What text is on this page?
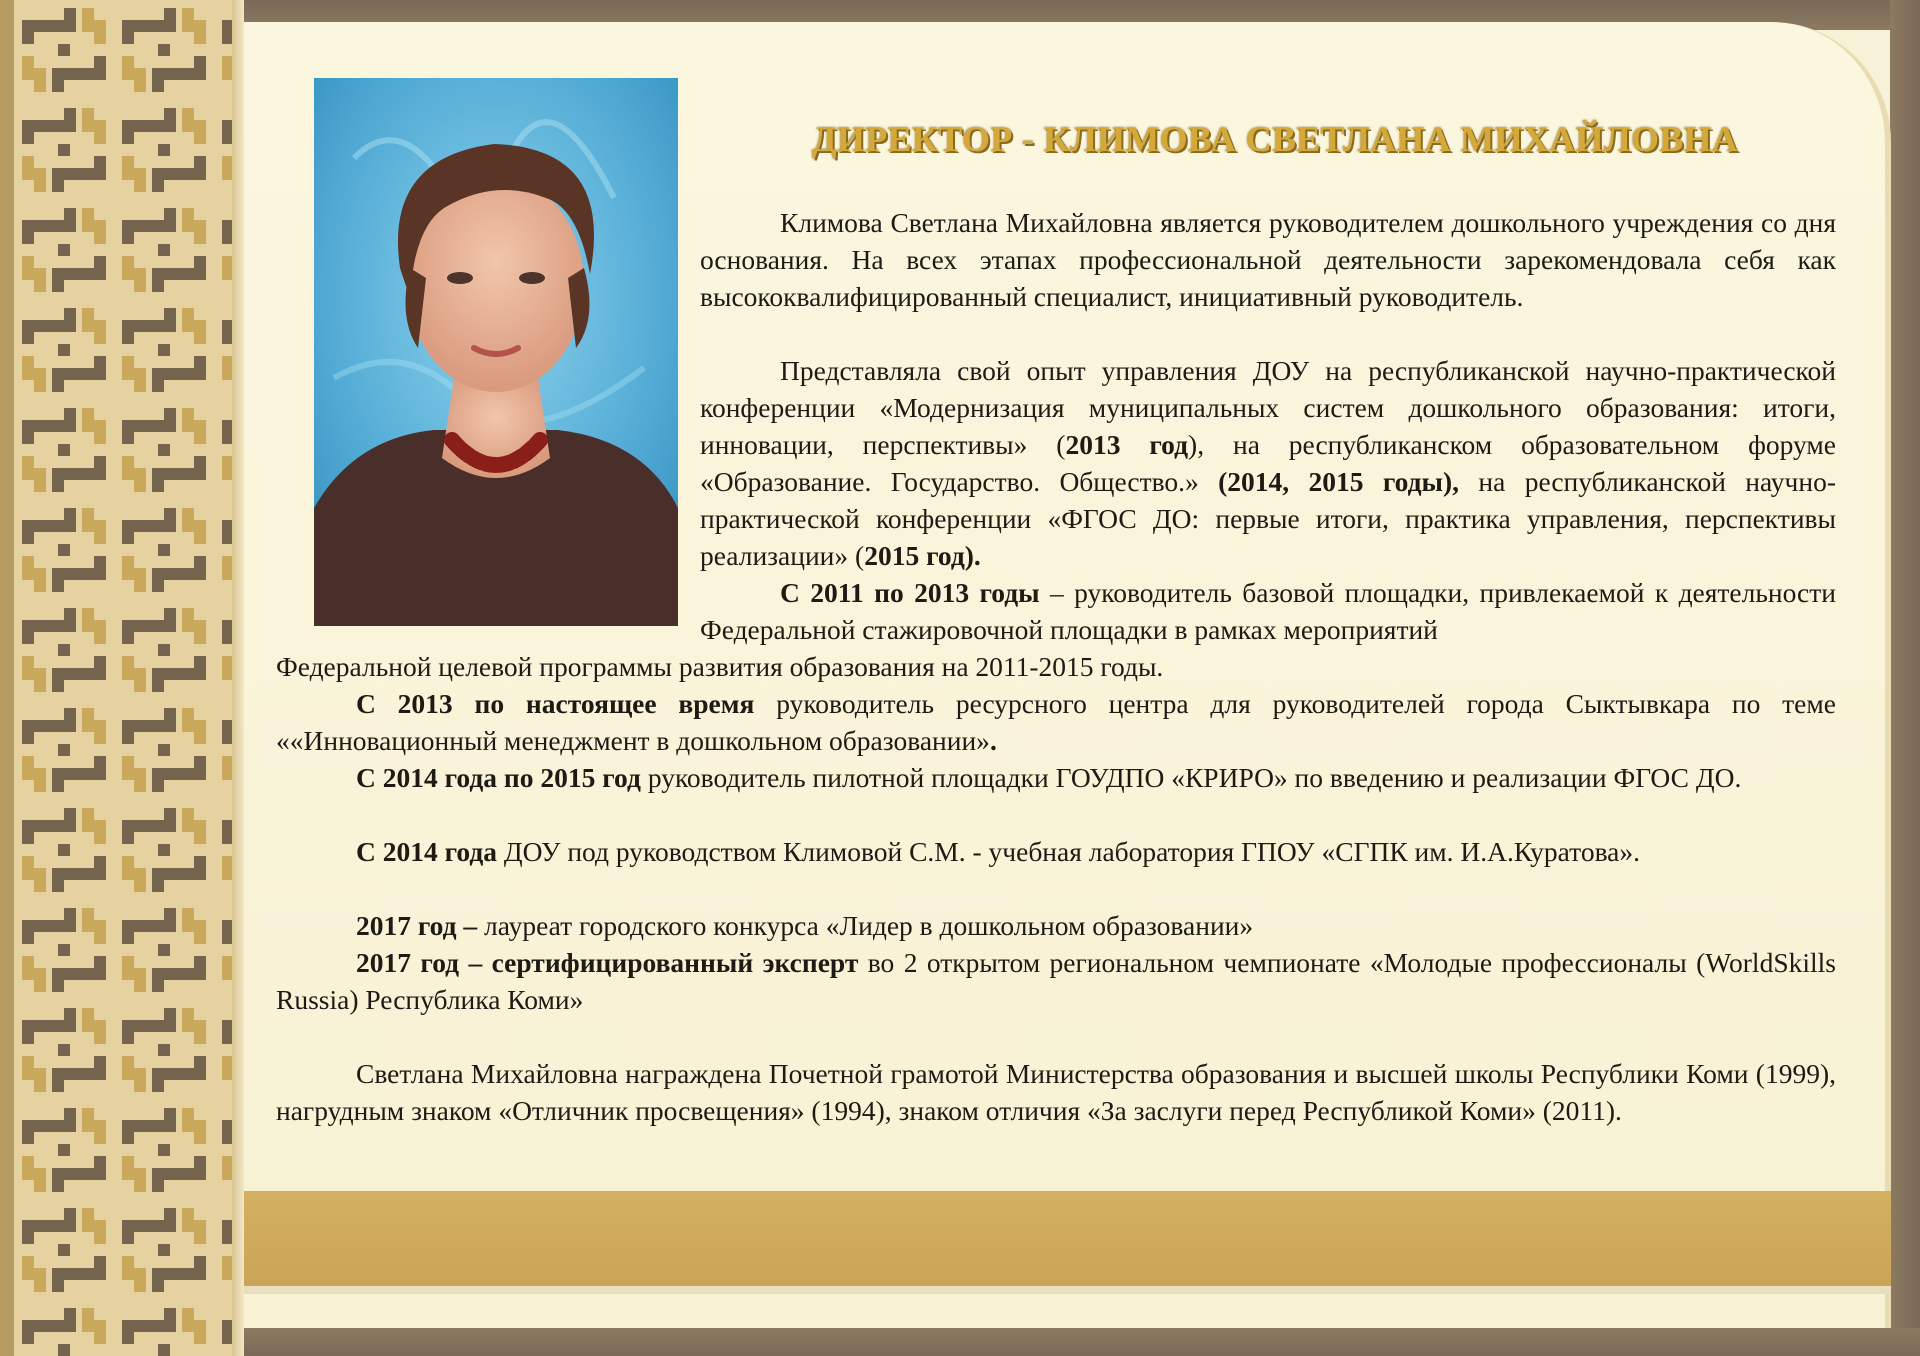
ДИРЕКТОР - КЛИМОВА СВЕТЛАНА МИХАЙЛОВНА

Климова Светлана Михайловна является руководителем дошкольного учреждения со дня основания. На всех этапах профессиональной деятельности зарекомендовала себя как высококвалифицированный специалист, инициативный руководитель.

Представляла свой опыт управления ДОУ на республиканской научно-практической конференции «Модернизация муниципальных систем дошкольного образования: итоги, инновации, перспективы» (2013 год), на республиканском образовательном форуме «Образование. Государство. Общество.» (2014, 2015 годы), на республиканской научно-практической конференции «ФГОС ДО: первые итоги, практика управления, перспективы реализации» (2015 год).

С 2011 по 2013 годы – руководитель базовой площадки, привлекаемой к деятельности Федеральной стажировочной площадки в рамках мероприятий

Федеральной целевой программы развития образования на 2011-2015 годы.

С 2013 по настоящее время руководитель ресурсного центра для руководителей города Сыктывкара по теме ««Инновационный менеджмент в дошкольном образовании».

С 2014 года по 2015 год руководитель пилотной площадки ГОУДПО «КРИРО» по введению и реализации ФГОС ДО.

С 2014 года ДОУ под руководством Климовой С.М. - учебная лаборатория ГПОУ «СГПК им. И.А.Куратова».

2017 год – лауреат городского конкурса «Лидер в дошкольном образовании»

2017 год – сертифицированный эксперт во 2 открытом региональном чемпионате «Молодые профессионалы (WorldSkills Russia) Республика Коми»

Светлана Михайловна награждена Почетной грамотой Министерства образования и высшей школы Республики Коми (1999), нагрудным знаком «Отличник просвещения» (1994), знаком отличия «За заслуги перед Республикой Коми» (2011).
